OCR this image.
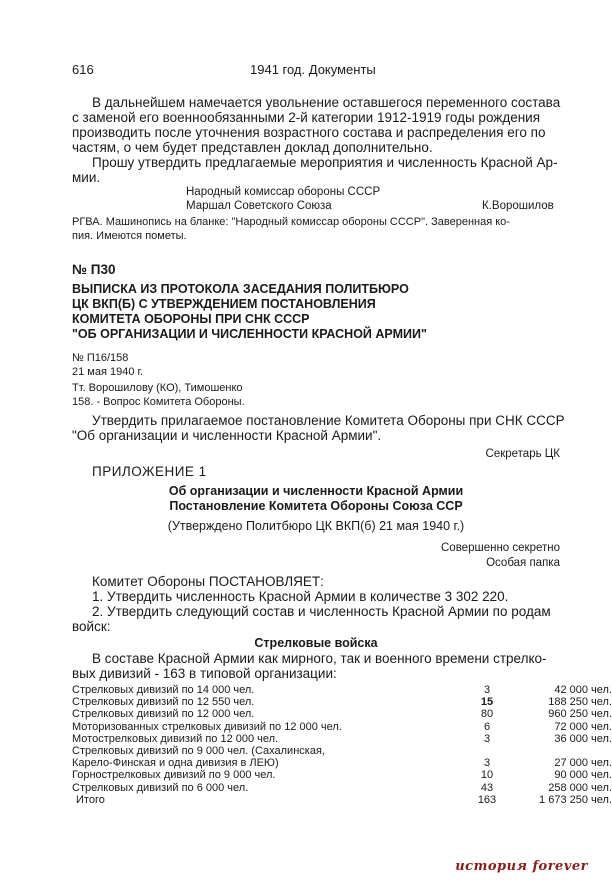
616	1941 год. Документы
В дальнейшем намечается увольнение оставшегося переменного состава
с заменой его военнообязанными 2-й категории 1912-1919 годы рождения
производить после уточнения возрастного состава и распределения его по
частям, о чем будет представлен доклад дополнительно.
Прошу утвердить предлагаемые мероприятия и численность Красной Ар-
мии.
Народный комиссар обороны СССР
Маршал Советского Союза	К.Ворошилов
РГВА. Машинопись на бланке: "Народный комиссар обороны СССР". Заверенная ко-
пия. Имеются пометы.
№ П30
ВЫПИСКА ИЗ ПРОТОКОЛА ЗАСЕДАНИЯ ПОЛИТБЮРО
ЦК ВКП(Б) С УТВЕРЖДЕНИЕМ ПОСТАНОВЛЕНИЯ
КОМИТЕТА ОБОРОНЫ ПРИ СНК СССР
"ОБ ОРГАНИЗАЦИИ И ЧИСЛЕННОСТИ КРАСНОЙ АРМИИ"
№ П16/158
21 мая 1940 г.
Тт. Ворошилову (КО), Тимошенко
158. - Вопрос Комитета Обороны.
Утвердить прилагаемое постановление Комитета Обороны при СНК СССР
"Об организации и численности Красной Армии".
Секретарь ЦК
ПРИЛОЖЕНИЕ 1
Об организации и численности Красной Армии
Постановление Комитета Обороны Союза ССР
(Утверждено Политбюро ЦК ВКП(б) 21 мая 1940 г.)
Совершенно секретно
Особая папка
Комитет Обороны ПОСТАНОВЛЯЕТ:
1. Утвердить численность Красной Армии в количестве 3 302 220.
2. Утвердить следующий состав и численность Красной Армии по родам
войск:
Стрелковые войска
В составе Красной Армии как мирного, так и военного времени стрелко-
вых дивизий - 163 в типовой организации:
Стрелковых дивизий по 14 000 чел.	3	42 000 чел.
Стрелковых дивизий по 12 550 чел.	15	188 250 чел.
Стрелковых дивизий по 12 000 чел.	80	960 250 чел.
Моторизованных стрелковых дивизий по 12 000 чел.	6	72 000 чел.
Мотострелковых дивизий по 12 000 чел.	3	36 000 чел.
Стрелковых дивизий по 9 000 чел. (Сахалинская,
Карело-Финская и одна дивизия в ЛЕЮ)	3	27 000 чел.
Горнострелковых дивизий по 9 000 чел.	10	90 000 чел.
Стрелковых дивизий по 6 000 чел.	43	258 000 чел.
Итого	163	1 673 250 чел.
история forever
